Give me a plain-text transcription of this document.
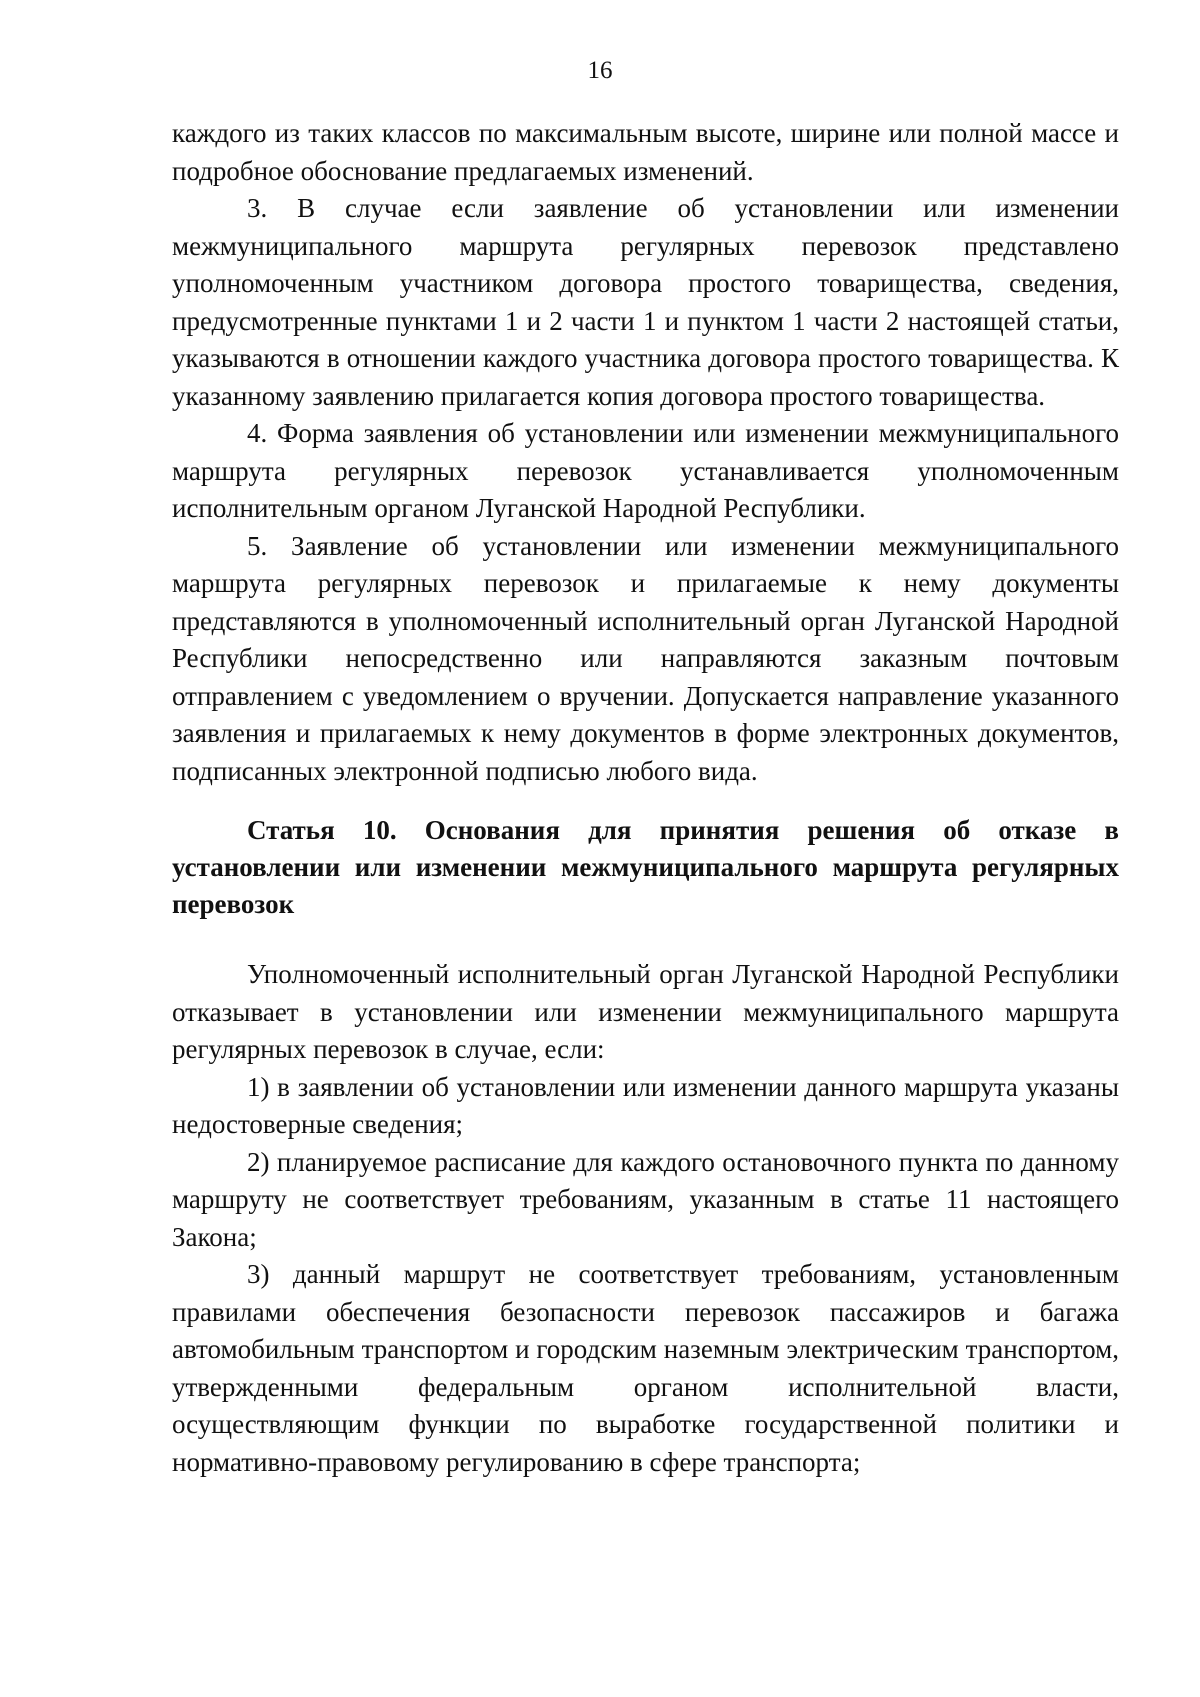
16

каждого из таких классов по максимальным высоте, ширине или полной массе и подробное обоснование предлагаемых изменений.

3. В случае если заявление об установлении или изменении межмуниципального маршрута регулярных перевозок представлено уполномоченным участником договора простого товарищества, сведения, предусмотренные пунктами 1 и 2 части 1 и пунктом 1 части 2 настоящей статьи, указываются в отношении каждого участника договора простого товарищества. К указанному заявлению прилагается копия договора простого товарищества.

4. Форма заявления об установлении или изменении межмуниципального маршрута регулярных перевозок устанавливается уполномоченным исполнительным органом Луганской Народной Республики.

5. Заявление об установлении или изменении межмуниципального маршрута регулярных перевозок и прилагаемые к нему документы представляются в уполномоченный исполнительный орган Луганской Народной Республики непосредственно или направляются заказным почтовым отправлением с уведомлением о вручении. Допускается направление указанного заявления и прилагаемых к нему документов в форме электронных документов, подписанных электронной подписью любого вида.

Статья 10. Основания для принятия решения об отказе в установлении или изменении межмуниципального маршрута регулярных перевозок

Уполномоченный исполнительный орган Луганской Народной Республики отказывает в установлении или изменении межмуниципального маршрута регулярных перевозок в случае, если:

1) в заявлении об установлении или изменении данного маршрута указаны недостоверные сведения;

2) планируемое расписание для каждого остановочного пункта по данному маршруту не соответствует требованиям, указанным в статье 11 настоящего Закона;

3) данный маршрут не соответствует требованиям, установленным правилами обеспечения безопасности перевозок пассажиров и багажа автомобильным транспортом и городским наземным электрическим транспортом, утвержденными федеральным органом исполнительной власти, осуществляющим функции по выработке государственной политики и нормативно-правовому регулированию в сфере транспорта;
